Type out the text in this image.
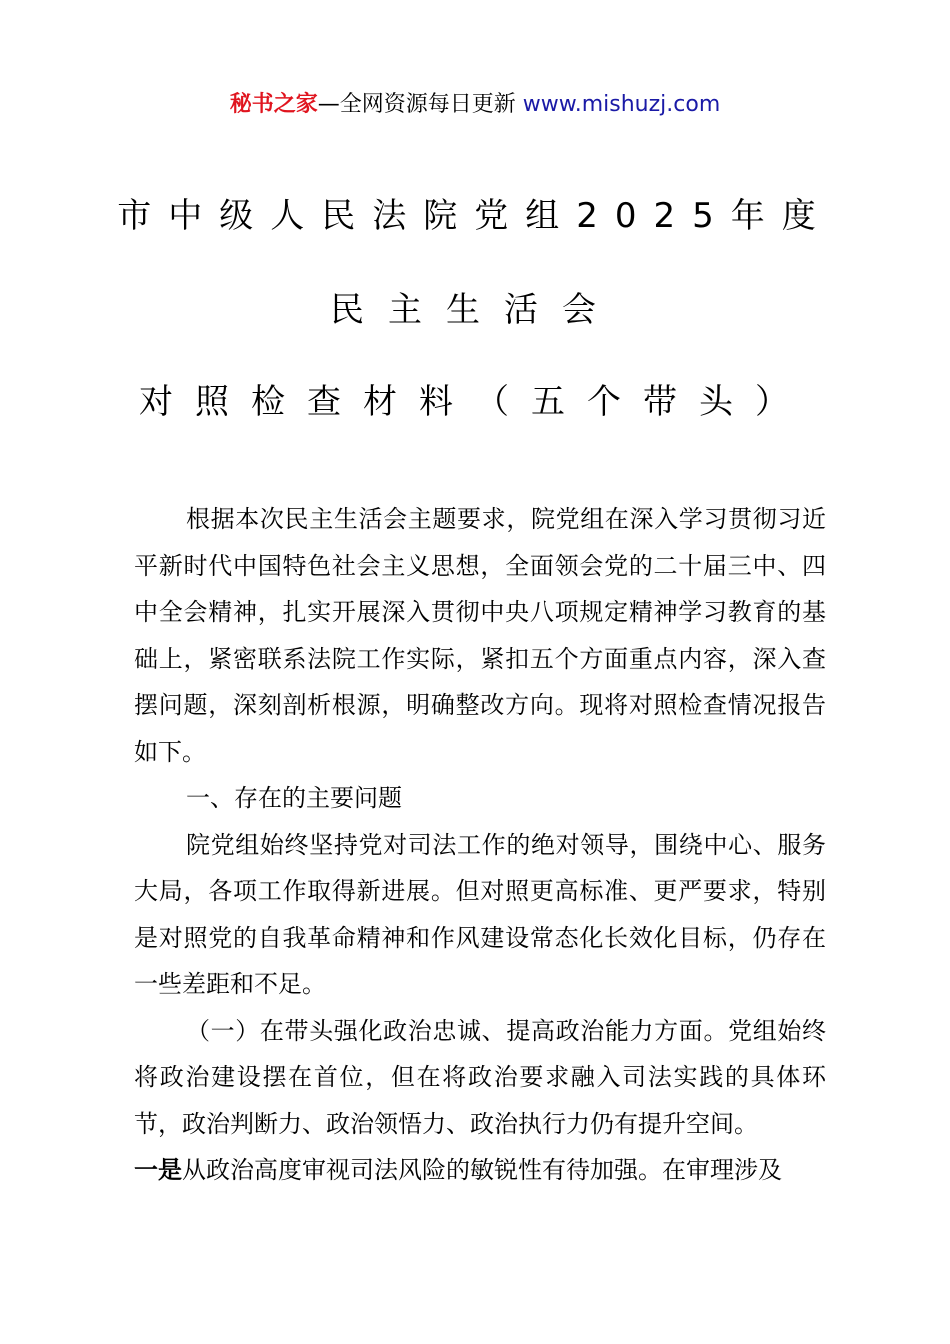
秘书之家—全网资源每日更新 www.mishuzj.com
市中级人民法院党组2025年度
民主生活会
对照检查材料（五个带头）

根据本次民主生活会主题要求，院党组在深入学习贯彻习近平新时代中国特色社会主义思想，全面领会党的二十届三中、四中全会精神，扎实开展深入贯彻中央八项规定精神学习教育的基础上，紧密联系法院工作实际，紧扣五个方面重点内容，深入查摆问题，深刻剖析根源，明确整改方向。现将对照检查情况报告如下。

一、存在的主要问题

院党组始终坚持党对司法工作的绝对领导，围绕中心、服务大局，各项工作取得新进展。但对照更高标准、更严要求，特别是对照党的自我革命精神和作风建设常态化长效化目标，仍存在一些差距和不足。

（一）在带头强化政治忠诚、提高政治能力方面。党组始终将政治建设摆在首位，但在将政治要求融入司法实践的具体环节，政治判断力、政治领悟力、政治执行力仍有提升空间。

一是从政治高度审视司法风险的敏锐性有待加强。在审理涉及
